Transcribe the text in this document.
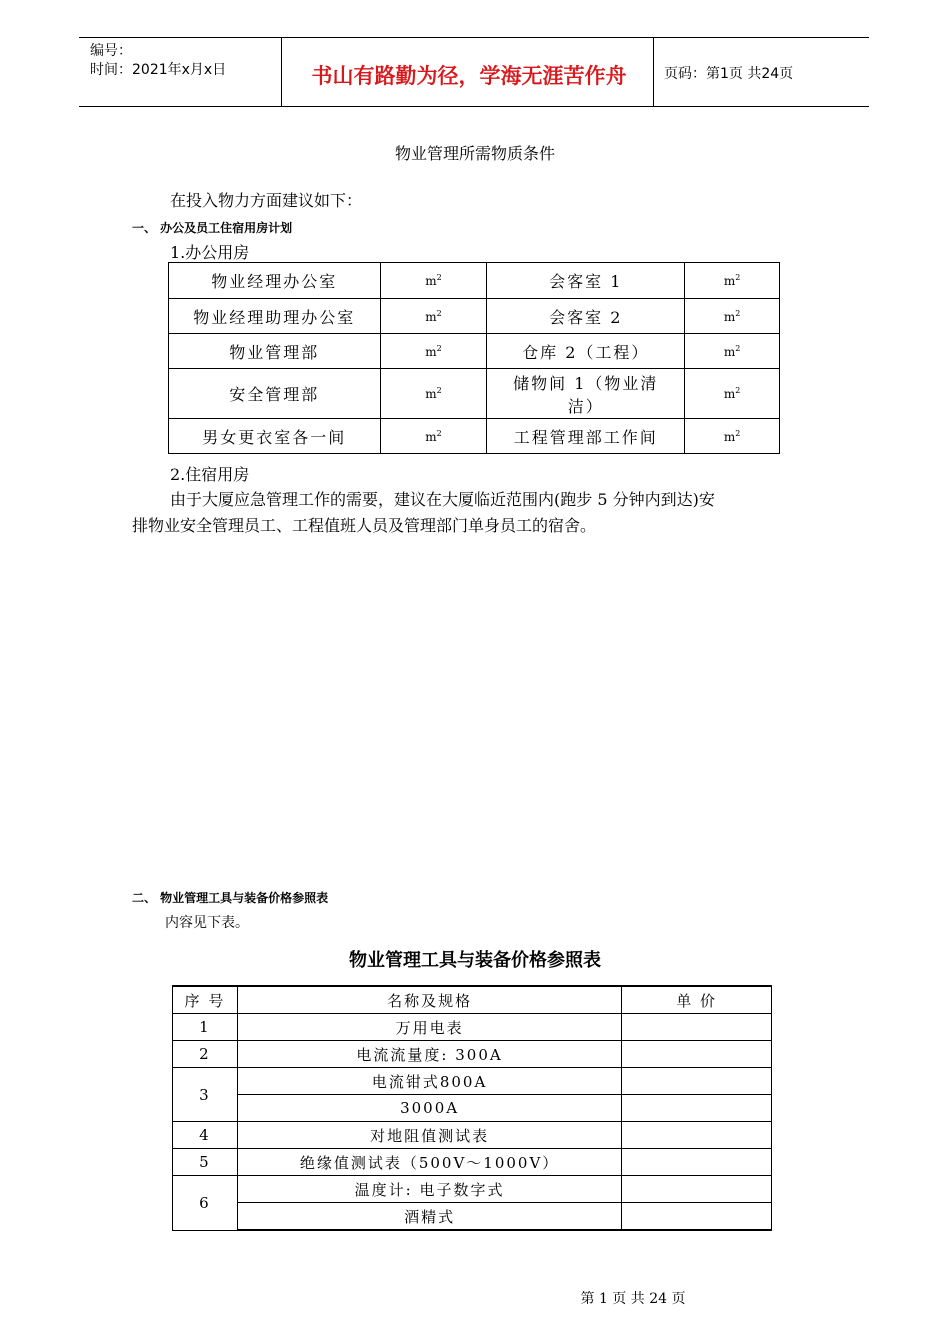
编号：
时间：2021年x月x日	书山有路勤为径，学海无涯苦作舟	页码：第1页 共24页
物业管理所需物质条件
在投入物力方面建议如下：
一、 办公及员工住宿用房计划
1.办公用房
物业经理办公室	$m^2$	会客室 1	$m^2$
物业经理助理办公室	$m^2$	会客室 2	$m^2$
物业管理部	$m^2$	仓库 2（工程）	$m^2$
安全管理部	$m^2$	储物间 1（物业清洁）	$m^2$
男女更衣室各一间	$m^2$	工程管理部工作间	$m^2$
2.住宿用房
由于大厦应急管理工作的需要，建议在大厦临近范围内(跑步 5 分钟内到达)安
排物业安全管理员工、工程值班人员及管理部门单身员工的宿舍。
二、 物业管理工具与装备价格参照表
内容见下表。
物业管理工具与装备价格参照表
序 号	名称及规格	单 价
1	万用电表	
2	电流流量度: 300A	
3	电流钳式800A	
	3000A	
4	对地阻值测试表	
5	绝缘值测试表（500V～1000V）	
6	温度计: 电子数字式	
	酒精式	
第 1 页 共 24 页
